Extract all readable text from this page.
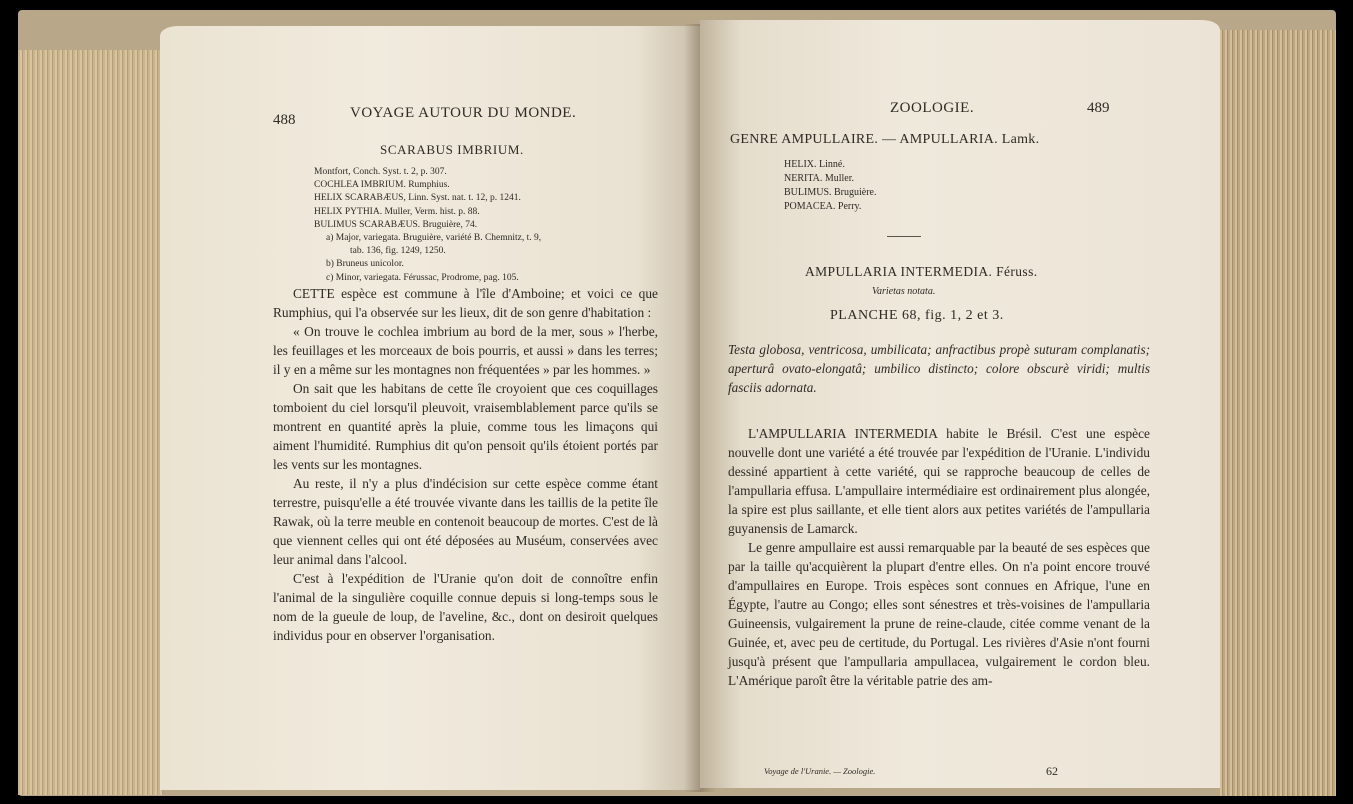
488	VOYAGE AUTOUR DU MONDE.
SCARABUS IMBRIUM.
Montfort, Conch. Syst. t. 2, p. 307.
COCHLEA IMBRIUM. Rumphius.
HELIX SCARABÆUS, Linn. Syst. nat. t. 12, p. 1241.
HELIX PYTHIA. Muller, Verm. hist. p. 88.
BULIMUS SCARABÆUS. Bruguière, 74.
a) Major, variegata. Bruguière, variété B. Chemnitz, t. 9,
tab. 136, fig. 1249, 1250.
b) Bruneus unicolor.
c) Minor, variegata. Férussac, Prodrome, pag. 105.

CETTE espèce est commune à l'île d'Amboine; et voici ce que Rumphius, qui l'a observée sur les lieux, dit de son genre d'habitation :

« On trouve le cochlea imbrium au bord de la mer, sous » l'herbe, les feuillages et les morceaux de bois pourris, et aussi » dans les terres; il y en a même sur les montagnes non fréquentées » par les hommes. »

On sait que les habitans de cette île croyoient que ces coquillages tomboient du ciel lorsqu'il pleuvoit, vraisemblablement parce qu'ils se montrent en quantité après la pluie, comme tous les limaçons qui aiment l'humidité. Rumphius dit qu'on pensoit qu'ils étoient portés par les vents sur les montagnes.

Au reste, il n'y a plus d'indécision sur cette espèce comme étant terrestre, puisqu'elle a été trouvée vivante dans les taillis de la petite île Rawak, où la terre meuble en contenoit beaucoup de mortes. C'est de là que viennent celles qui ont été déposées au Muséum, conservées avec leur animal dans l'alcool.

C'est à l'expédition de l'Uranie qu'on doit de connoître enfin l'animal de la singulière coquille connue depuis si long-temps sous le nom de la gueule de loup, de l'aveline, &c., dont on desiroit quelques individus pour en observer l'organisation.

ZOOLOGIE.	489
GENRE AMPULLAIRE. — AMPULLARIA. Lamk.
HELIX. Linné.
NERITA. Muller.
BULIMUS. Bruguière.
POMACEA. Perry.
AMPULLARIA INTERMEDIA. Féruss.
Varietas notata.
PLANCHE 68, fig. 1, 2 et 3.
Testa globosa, ventricosa, umbilicata; anfractibus propè suturam complanatis; aperturâ ovato-elongatâ; umbilico distincto; colore obscurè viridi; multis fasciis adornata.

L'AMPULLARIA INTERMEDIA habite le Brésil. C'est une espèce nouvelle dont une variété a été trouvée par l'expédition de l'Uranie. L'individu dessiné appartient à cette variété, qui se rapproche beaucoup de celles de l'ampullaria effusa. L'ampullaire intermédiaire est ordinairement plus alongée, la spire est plus saillante, et elle tient alors aux petites variétés de l'ampullaria guyanensis de Lamarck.

Le genre ampullaire est aussi remarquable par la beauté de ses espèces que par la taille qu'acquièrent la plupart d'entre elles. On n'a point encore trouvé d'ampullaires en Europe. Trois espèces sont connues en Afrique, l'une en Égypte, l'autre au Congo; elles sont sénestres et très-voisines de l'ampullaria Guineensis, vulgairement la prune de reine-claude, citée comme venant de la Guinée, et, avec peu de certitude, du Portugal. Les rivières d'Asie n'ont fourni jusqu'à présent que l'ampullaria ampullacea, vulgairement le cordon bleu. L'Amérique paroît être la véritable patrie des am-

Voyage de l'Uranie. — Zoologie.	62
